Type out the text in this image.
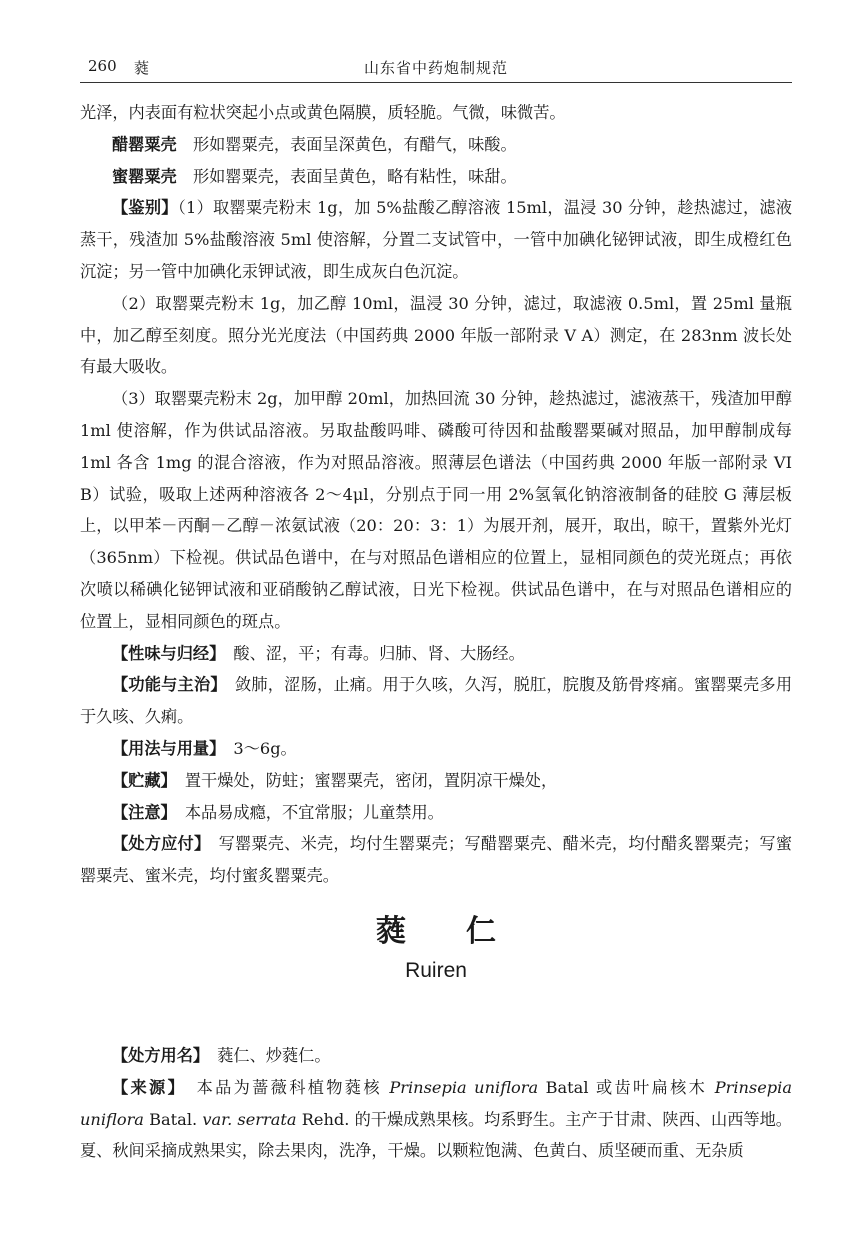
260 蕤	山东省中药炮制规范

光泽，内表面有粒状突起小点或黄色隔膜，质轻脆。气微，味微苦。

醋罂粟壳　 形如罂粟壳，表面呈深黄色，有醋气，味酸。

蜜罂粟壳　 形如罂粟壳，表面呈黄色，略有粘性，味甜。

【鉴别】（1）取罂粟壳粉末 1g，加 5%盐酸乙醇溶液 15ml，温浸 30 分钟，趁热滤过，滤液蒸干，残渣加 5%盐酸溶液 5ml 使溶解，分置二支试管中，一管中加碘化铋钾试液，即生成橙红色沉淀；另一管中加碘化汞钾试液，即生成灰白色沉淀。

（2）取罂粟壳粉末 1g，加乙醇 10ml，温浸 30 分钟，滤过，取滤液 0.5ml，置 25ml 量瓶中，加乙醇至刻度。照分光光度法（中国药典 2000 年版一部附录 V A）测定，在 283nm 波长处有最大吸收。

（3）取罂粟壳粉末 2g，加甲醇 20ml，加热回流 30 分钟，趁热滤过，滤液蒸干，残渣加甲醇 1ml 使溶解，作为供试品溶液。另取盐酸吗啡、磷酸可待因和盐酸罂粟碱对照品，加甲醇制成每 1ml 各含 1mg 的混合溶液，作为对照品溶液。照薄层色谱法（中国药典 2000 年版一部附录 VI B）试验，吸取上述两种溶液各 2～4μl，分别点于同一用 2%氢氧化钠溶液制备的硅胶 G 薄层板上，以甲苯－丙酮－乙醇－浓氨试液（20：20：3：1）为展开剂，展开，取出，晾干，置紫外光灯（365nm）下检视。供试品色谱中，在与对照品色谱相应的位置上，显相同颜色的荧光斑点；再依次喷以稀碘化铋钾试液和亚硝酸钠乙醇试液，日光下检视。供试品色谱中，在与对照品色谱相应的位置上，显相同颜色的斑点。

【性味与归经】　 酸、涩，平；有毒。归肺、肾、大肠经。

【功能与主治】　 敛肺，涩肠，止痛。用于久咳，久泻，脱肛，脘腹及筋骨疼痛。蜜罂粟壳多用于久咳、久痢。

【用法与用量】　 3～6g。

【贮藏】　 置干燥处，防蛀；蜜罂粟壳，密闭，置阴凉干燥处，

【注意】　 本品易成瘾，不宜常服；儿童禁用。

【处方应付】　 写罂粟壳、米壳，均付生罂粟壳；写醋罂粟壳、醋米壳，均付醋炙罂粟壳；写蜜罂粟壳、蜜米壳，均付蜜炙罂粟壳。

蕤仁
Ruiren

【处方用名】　 蕤仁、炒蕤仁。

【来源】　 本品为蔷薇科植物蕤核 Prinsepia uniflora Batal 或齿叶扁核木 Prinsepia uniflora Batal. var. serrata Rehd. 的干燥成熟果核。均系野生。主产于甘肃、陕西、山西等地。夏、秋间采摘成熟果实，除去果肉，洗净，干燥。以颗粒饱满、色黄白、质坚硬而重、无杂质
